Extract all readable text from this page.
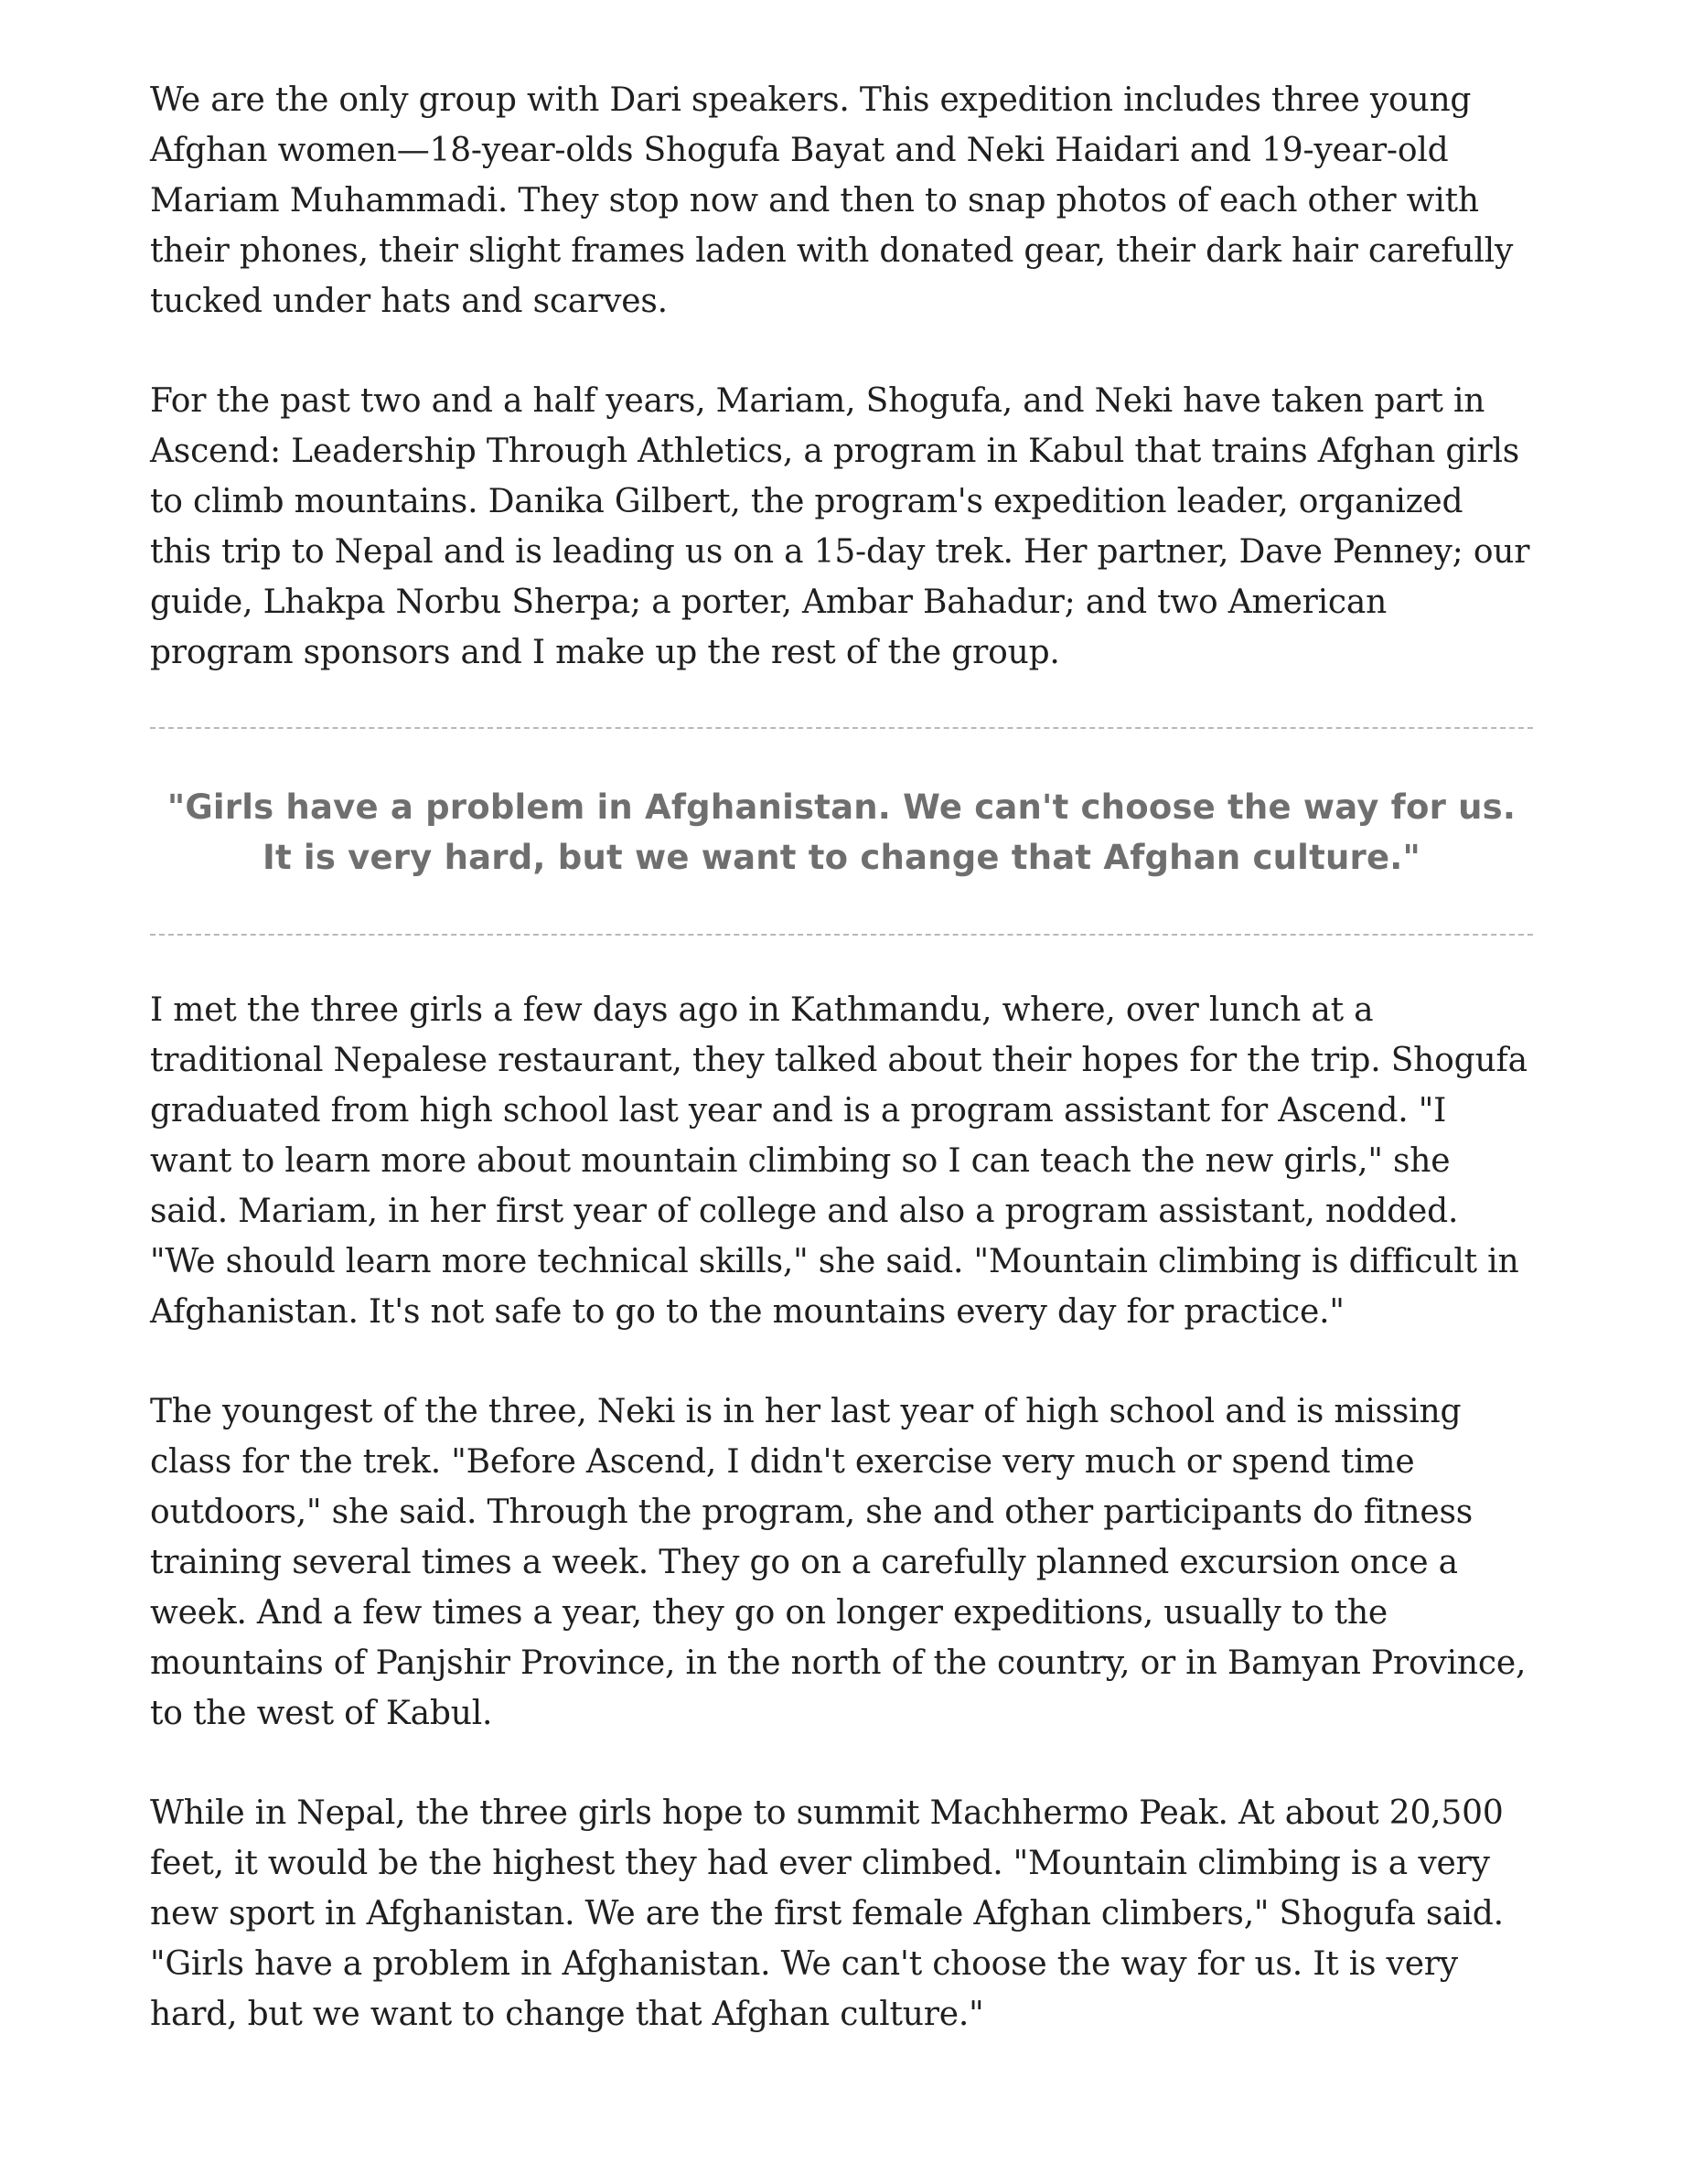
We are the only group with Dari speakers. This expedition includes three young Afghan women—18-year-olds Shogufa Bayat and Neki Haidari and 19-year-old Mariam Muhammadi. They stop now and then to snap photos of each other with their phones, their slight frames laden with donated gear, their dark hair carefully tucked under hats and scarves.

For the past two and a half years, Mariam, Shogufa, and Neki have taken part in Ascend: Leadership Through Athletics, a program in Kabul that trains Afghan girls to climb mountains. Danika Gilbert, the program's expedition leader, organized this trip to Nepal and is leading us on a 15-day trek. Her partner, Dave Penney; our guide, Lhakpa Norbu Sherpa; a porter, Ambar Bahadur; and two American program sponsors and I make up the rest of the group.

"Girls have a problem in Afghanistan. We can't choose the way for us. It is very hard, but we want to change that Afghan culture."

I met the three girls a few days ago in Kathmandu, where, over lunch at a traditional Nepalese restaurant, they talked about their hopes for the trip. Shogufa graduated from high school last year and is a program assistant for Ascend. "I want to learn more about mountain climbing so I can teach the new girls," she said. Mariam, in her first year of college and also a program assistant, nodded. "We should learn more technical skills," she said. "Mountain climbing is difficult in Afghanistan. It's not safe to go to the mountains every day for practice."

The youngest of the three, Neki is in her last year of high school and is missing class for the trek. "Before Ascend, I didn't exercise very much or spend time outdoors," she said. Through the program, she and other participants do fitness training several times a week. They go on a carefully planned excursion once a week. And a few times a year, they go on longer expeditions, usually to the mountains of Panjshir Province, in the north of the country, or in Bamyan Province, to the west of Kabul.

While in Nepal, the three girls hope to summit Machhermo Peak. At about 20,500 feet, it would be the highest they had ever climbed. "Mountain climbing is a very new sport in Afghanistan. We are the first female Afghan climbers," Shogufa said. "Girls have a problem in Afghanistan. We can't choose the way for us. It is very hard, but we want to change that Afghan culture."
